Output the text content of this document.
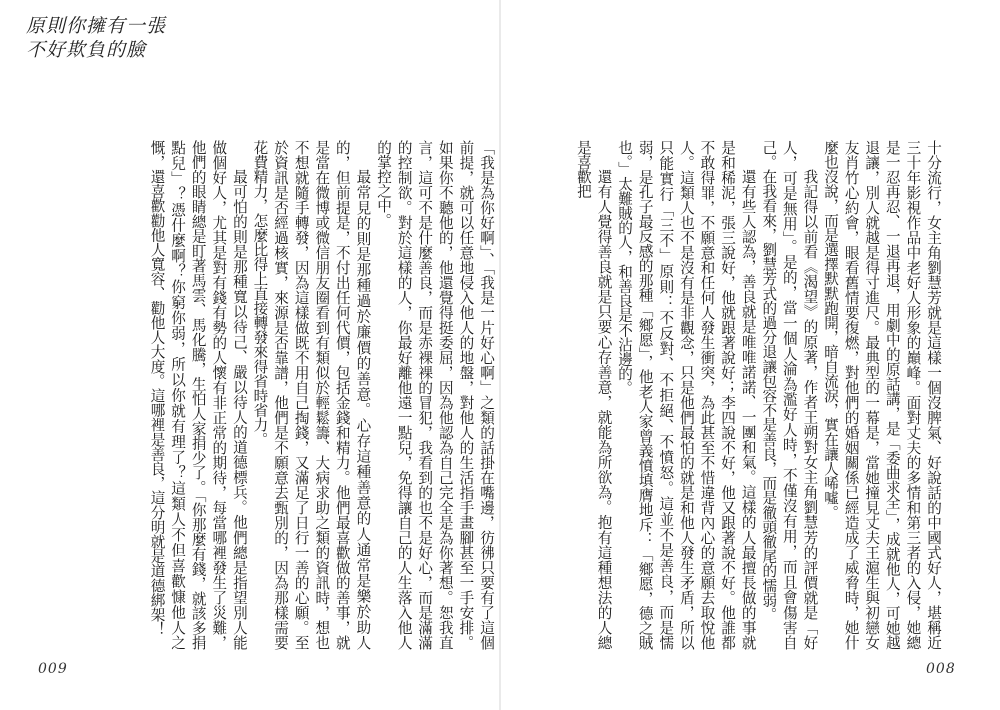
原則你擁有一張
不好欺負的臉

十分流行，女主角劉慧芳就是這樣一個沒脾氣、好說話的中國式好人，堪稱近三十年影視作品中老好人形象的巔峰。面對丈夫的多情和第三者的入侵，她總是一忍再忍、一退再退，用劇中的原話講，是「委曲求全」，成就他人，可她越退讓，別人就越是得寸進尺。最典型的一幕是，當她撞見丈夫王滬生與初戀女友肖竹心約會，眼看舊情要復燃，對他們的婚姻關係已經造成了威脅時，她什麼也沒說，而是選擇默默跑開，暗自流淚，實在讓人唏噓。

我記得以前看《渴望》的原著，作者王朔對女主角劉慧芳的評價就是「好人，可是無用」。是的，當一個人淪為濫好人時，不僅沒有用，而且會傷害自己。在我看來，劉慧芳式的過分退讓包容不是善良，而是徹頭徹尾的懦弱。

還有些人認為，善良就是唯唯諾諾、一團和氣。這樣的人最擅長做的事就是和稀泥，張三說好，他就跟著說好；李四說不好，他又跟著說不好。他誰都不敢得罪，不願意和任何人發生衝突，為此甚至不惜違背內心的意願去取悅他人。這類人也不是沒有是非觀念，只是他們最怕的就是和他人發生矛盾，所以只能實行「三不」原則：不反對、不拒絕、不憤怒。這並不是善良，而是懦弱，是孔子最反感的那種「鄉愿」，他老人家曾義憤填膺地斥：「鄉愿，德之賊也。」太難賊的人，和善良是不沾邊的。

還有人覺得善良就是只要心存善意，就能為所欲為。抱有這種想法的人總是喜歡把

「我是為你好啊」、「我是一片好心啊」之類的話掛在嘴邊，彷彿只要有了這個前提，就可以任意地侵入他人的地盤，對他人的生活指手畫腳甚至一手安排。如果你不聽他的，他還覺得挺委屈，因為他認為自己完全是為你著想。恕我直言，這可不是什麼善良，而是赤裸裸的冒犯，我看到的也不是好心，而是滿滿的控制欲。對於這樣的人，你最好離他遠一點兒，免得讓自己的人生落入他人的掌控之中。

最常見的則是那種過於廉價的善意。心存這種善意的人通常是樂於助人的，但前提是，不付出任何代價，包括金錢和精力。他們最喜歡做的善事，就是當在微博或微信朋友圈看到有類似於輕鬆籌、大病求助之類的資訊時，想也不想就隨手轉發，因為這樣做既不用自己掏錢，又滿足了日行一善的心願。至於資訊是否經過核實，來源是否靠譜，他們是不願意去甄別的，因為那樣需要花費精力，怎麼比得上直接轉發來得省時省力。

最可怕的則是那種寬以待己、嚴以待人的道德標兵。他們總是指望別人能做個好人，尤其是對有錢有勢的人懷有非正常的期待，每當哪裡發生了災難，他們的眼睛總是盯著馬雲、馬化騰，生怕人家捐少了。「你那麼有錢，就該多捐點兒」？憑什麼啊？你窮你弱，所以你就有理了？這類人不但喜歡慷他人之慨，還喜歡勸他人寬容、勸他人大度。這哪裡是善良，這分明就是道德綁架！

009	008
